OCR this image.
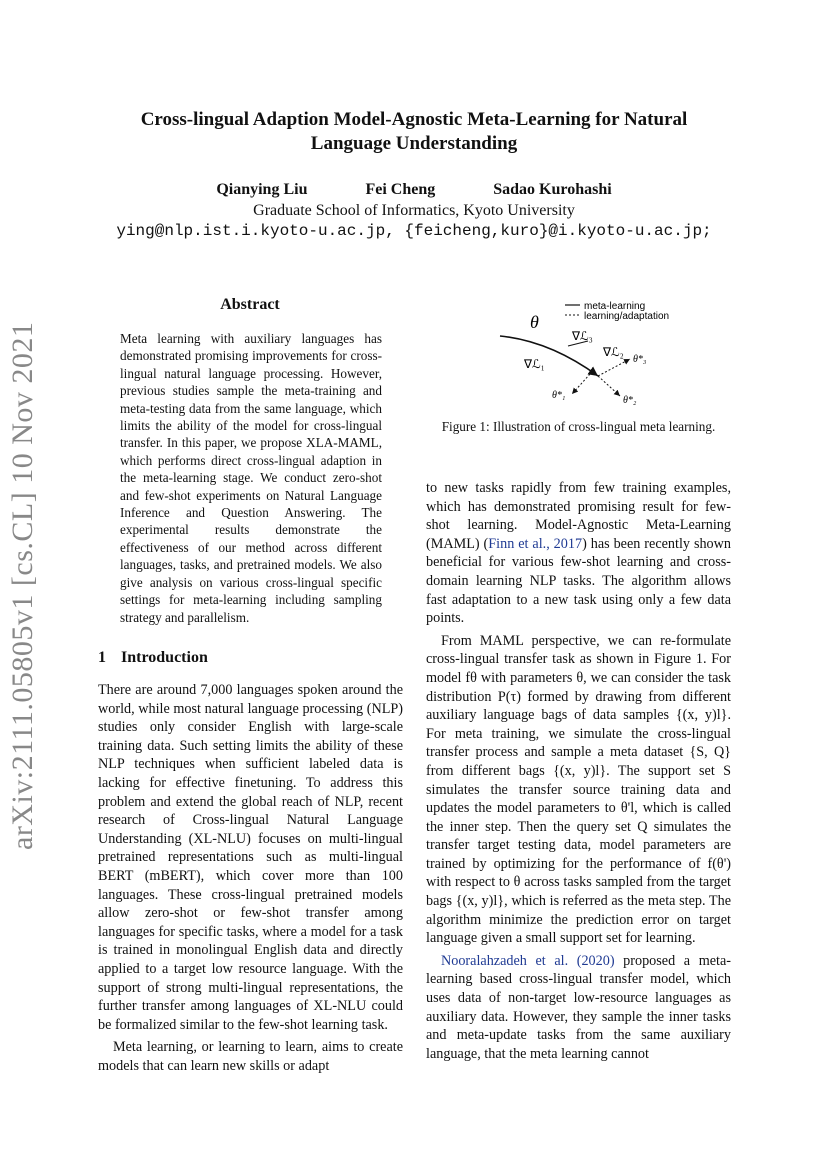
Cross-lingual Adaption Model-Agnostic Meta-Learning for Natural
Language Understanding
Qianying Liu	Fei Cheng	Sadao Kurohashi
Graduate School of Informatics, Kyoto University
ying@nlp.ist.i.kyoto-u.ac.jp, {feicheng,kuro}@i.kyoto-u.ac.jp;
arXiv:2111.05805v1 [cs.CL] 10 Nov 2021
Abstract
Meta learning with auxiliary languages has demonstrated promising improvements for cross-lingual natural language processing. However, previous studies sample the meta-training and meta-testing data from the same language, which limits the ability of the model for cross-lingual transfer. In this paper, we propose XLA-MAML, which performs direct cross-lingual adaption in the meta-learning stage. We conduct zero-shot and few-shot experiments on Natural Language Inference and Question Answering. The experimental results demonstrate the effectiveness of our method across different languages, tasks, and pretrained models. We also give analysis on various cross-lingual specific settings for meta-learning including sampling strategy and parallelism.
1 Introduction

There are around 7,000 languages spoken around the world, while most natural language processing (NLP) studies only consider English with large-scale training data. Such setting limits the ability of these NLP techniques when sufficient labeled data is lacking for effective finetuning. To address this problem and extend the global reach of NLP, recent research of Cross-lingual Natural Language Understanding (XL-NLU) focuses on multi-lingual pretrained representations such as multi-lingual BERT (mBERT), which cover more than 100 languages. These cross-lingual pretrained models allow zero-shot or few-shot transfer among languages for specific tasks, where a model for a task is trained in monolingual English data and directly applied to a target low resource language. With the support of strong multi-lingual representations, the further transfer among languages of XL-NLU could be formalized similar to the few-shot learning task.

Meta learning, or learning to learn, aims to create models that can learn new skills or adapt

meta-learning
learning/adaptation
θ
∇ℒ₃
∇ℒ₂
∇ℒ₁	θ*₃
θ*₂
θ*₁
Figure 1: Illustration of cross-lingual meta learning.

to new tasks rapidly from few training examples, which has demonstrated promising result for few-shot learning. Model-Agnostic Meta-Learning (MAML) (Finn et al., 2017) has been recently shown beneficial for various few-shot learning and cross-domain learning NLP tasks. The algorithm allows fast adaptation to a new task using only a few data points.

From MAML perspective, we can re-formulate cross-lingual transfer task as shown in Figure 1. For model fθ with parameters θ, we can consider the task distribution P(τ) formed by drawing from different auxiliary language bags of data samples {(x, y)l}. For meta training, we simulate the cross-lingual transfer process and sample a meta dataset {S, Q} from different bags {(x, y)l}. The support set S simulates the transfer source training data and updates the model parameters to θ'l, which is called the inner step. Then the query set Q simulates the transfer target testing data, model parameters are trained by optimizing for the performance of f(θ') with respect to θ across tasks sampled from the target bags {(x, y)l}, which is referred as the meta step. The algorithm minimize the prediction error on target language given a small support set for learning.

Nooralahzadeh et al. (2020) proposed a meta-learning based cross-lingual transfer model, which uses data of non-target low-resource languages as auxiliary data. However, they sample the inner tasks and meta-update tasks from the same auxiliary language, that the meta learning cannot
